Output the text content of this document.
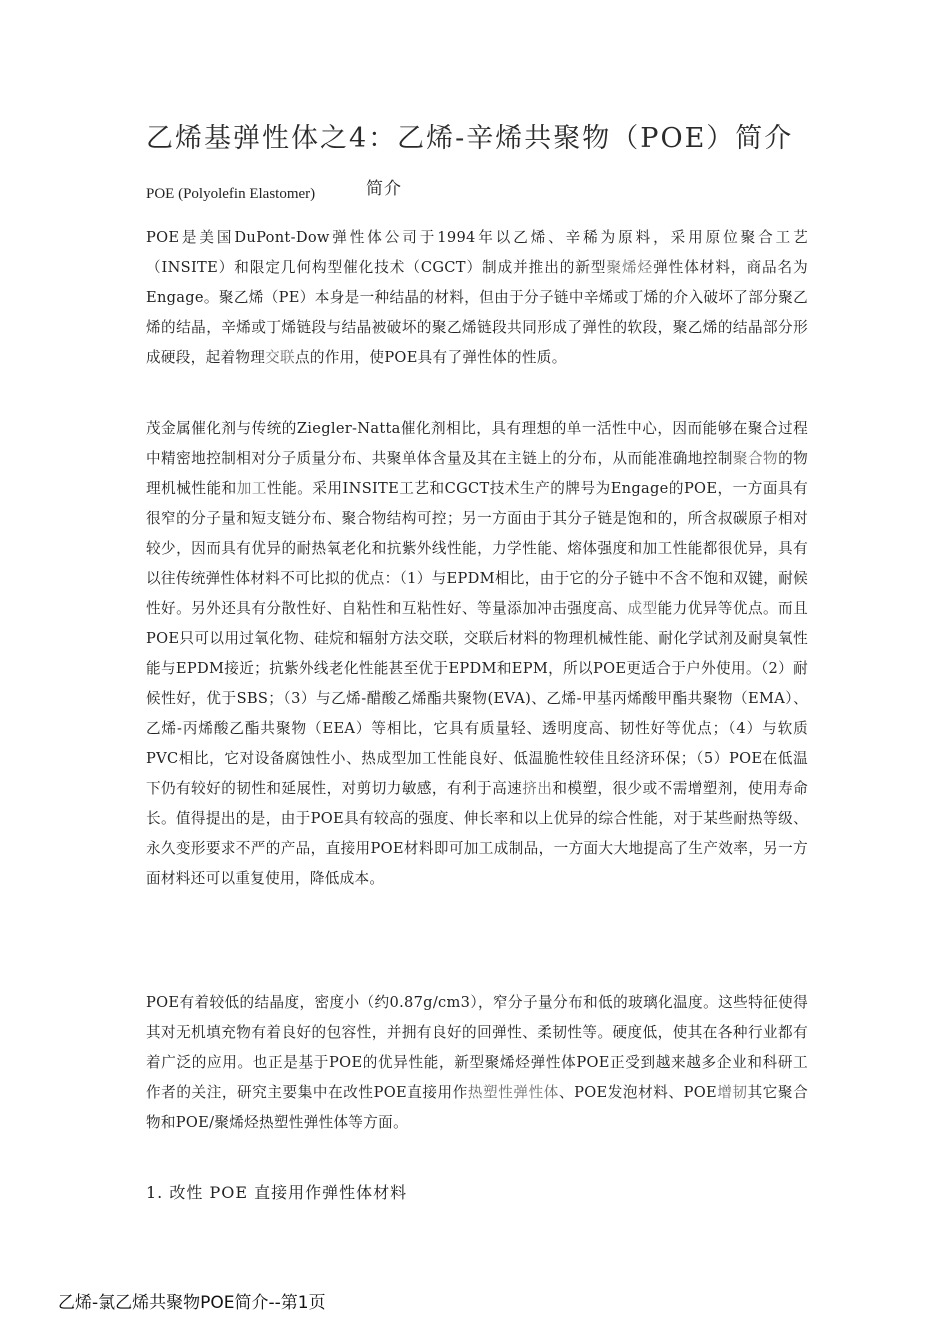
乙烯基弹性体之4：乙烯-辛烯共聚物（POE）简介
POE (Polyolefin Elastomer)	简介

POE是美国DuPont-Dow弹性体公司于1994年以乙烯、辛稀为原料，采用原位聚合工艺（INSITE）和限定几何构型催化技术（CGCT）制成并推出的新型聚烯烃弹性体材料，商品名为Engage。聚乙烯（PE）本身是一种结晶的材料，但由于分子链中辛烯或丁烯的介入破坏了部分聚乙烯的结晶，辛烯或丁烯链段与结晶被破坏的聚乙烯链段共同形成了弹性的软段，聚乙烯的结晶部分形成硬段，起着物理交联点的作用，使POE具有了弹性体的性质。

茂金属催化剂与传统的Ziegler-Natta催化剂相比，具有理想的单一活性中心，因而能够在聚合过程中精密地控制相对分子质量分布、共聚单体含量及其在主链上的分布，从而能准确地控制聚合物的物理机械性能和加工性能。采用INSITE工艺和CGCT技术生产的牌号为Engage的POE，一方面具有很窄的分子量和短支链分布、聚合物结构可控；另一方面由于其分子链是饱和的，所含叔碳原子相对较少，因而具有优异的耐热氧老化和抗紫外线性能，力学性能、熔体强度和加工性能都很优异，具有以往传统弹性体材料不可比拟的优点：（1）与EPDM相比，由于它的分子链中不含不饱和双键，耐候性好。另外还具有分散性好、自粘性和互粘性好、等量添加冲击强度高、成型能力优异等优点。而且POE只可以用过氧化物、硅烷和辐射方法交联，交联后材料的物理机械性能、耐化学试剂及耐臭氧性能与EPDM接近；抗紫外线老化性能甚至优于EPDM和EPM，所以POE更适合于户外使用。（2）耐候性好，优于SBS；（3）与乙烯-醋酸乙烯酯共聚物(EVA)、乙烯-甲基丙烯酸甲酯共聚物（EMA）、乙烯-丙烯酸乙酯共聚物（EEA）等相比，它具有质量轻、透明度高、韧性好等优点；（4）与软质PVC相比，它对设备腐蚀性小、热成型加工性能良好、低温脆性较佳且经济环保；（5）POE在低温下仍有较好的韧性和延展性，对剪切力敏感，有利于高速挤出和模塑，很少或不需增塑剂，使用寿命长。值得提出的是，由于POE具有较高的强度、伸长率和以上优异的综合性能，对于某些耐热等级、永久变形要求不严的产品，直接用POE材料即可加工成制品，一方面大大地提高了生产效率，另一方面材料还可以重复使用，降低成本。

POE有着较低的结晶度，密度小（约0.87g/cm3），窄分子量分布和低的玻璃化温度。这些特征使得其对无机填充物有着良好的包容性，并拥有良好的回弹性、柔韧性等。硬度低，使其在各种行业都有着广泛的应用。也正是基于POE的优异性能，新型聚烯烃弹性体POE正受到越来越多企业和科研工作者的关注，研究主要集中在改性POE直接用作热塑性弹性体、POE发泡材料、POE增韧其它聚合物和POE/聚烯烃热塑性弹性体等方面。

1. 改性 POE 直接用作弹性体材料
乙烯-氯乙烯共聚物POE简介--第1页
